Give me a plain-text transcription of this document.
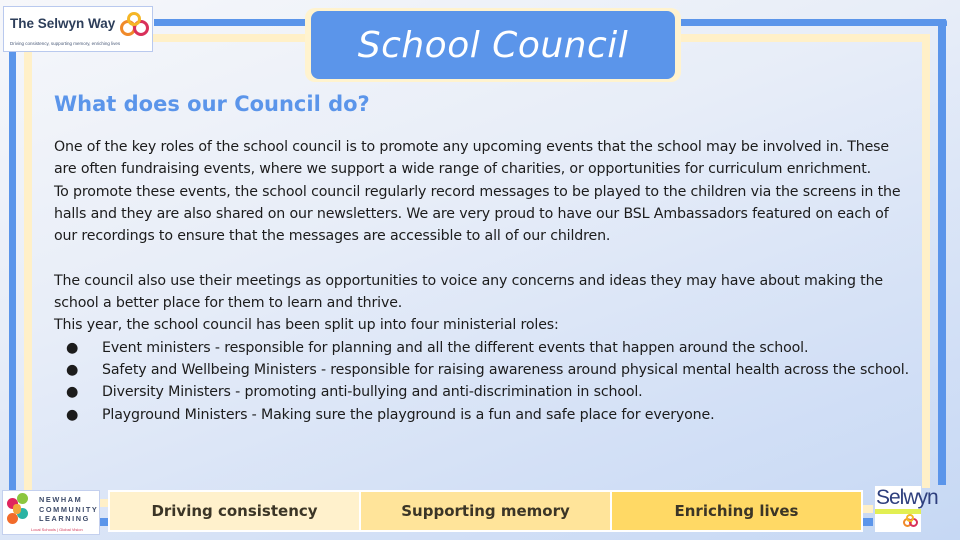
The Selwyn Way
Driving consistency, supporting memory, enriching lives	School Council
What does our Council do?

One of the key roles of the school council is to promote any upcoming events that the school may be involved in. These are often fundraising events, where we support a wide range of charities, or opportunities for curriculum enrichment.

To promote these events, the school council regularly record messages to be played to the children via the screens in the halls and they are also shared on our newsletters. We are very proud to have our BSL Ambassadors featured on each of our recordings to ensure that the messages are accessible to all of our children.

The council also use their meetings as opportunities to voice any concerns and ideas they may have about making the school a better place for them to learn and thrive.

This year, the school council has been split up into four ministerial roles:

● Event ministers - responsible for planning and all the different events that happen around the school.
● Safety and Wellbeing Ministers - responsible for raising awareness around physical mental health across the school.
● Diversity Ministers - promoting anti-bullying and anti-discrimination in school.
● Playground Ministers - Making sure the playground is a fun and safe place for everyone.
NEWHAM
COMMUNITY
LEARNING
Local Schools | Global Vision
Driving consistency	Supporting memory	Enriching lives
Selwyn
